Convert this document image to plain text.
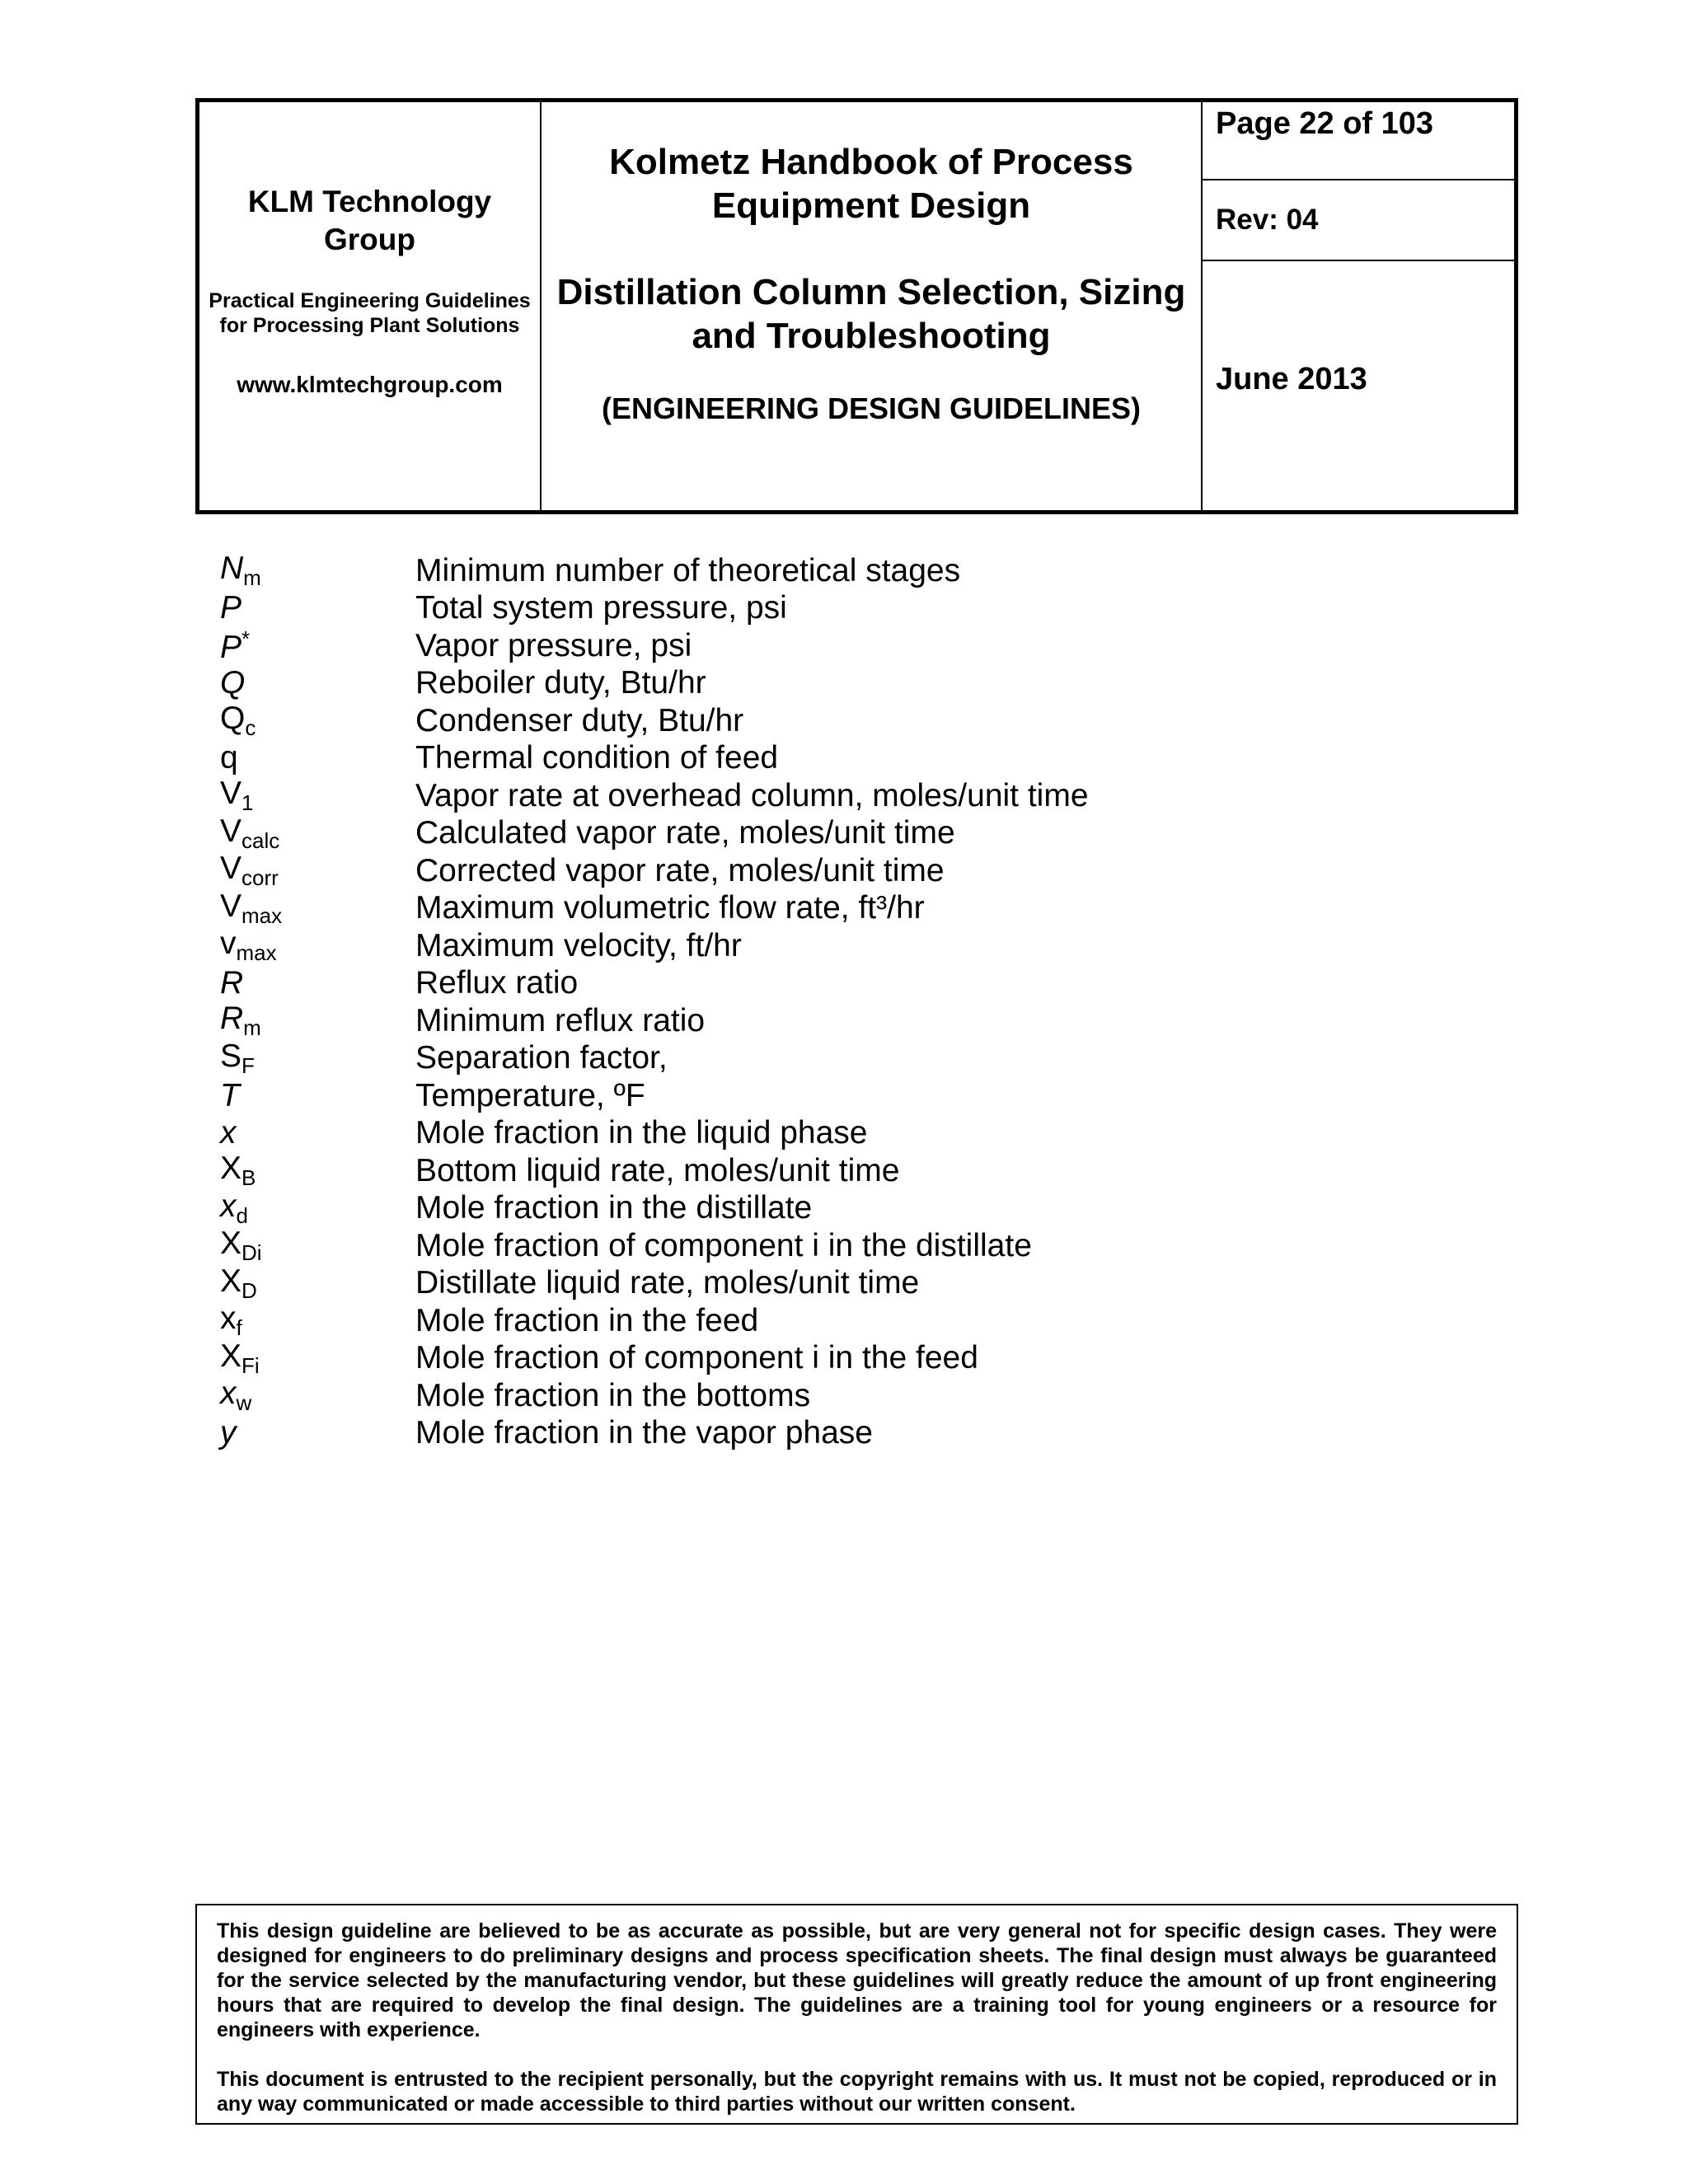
KLM Technology Group
Practical Engineering Guidelines for Processing Plant Solutions
www.klmtechgroup.com
Kolmetz Handbook of Process Equipment Design
Distillation Column Selection, Sizing and Troubleshooting
(ENGINEERING DESIGN GUIDELINES)
Page 22 of 103
Rev: 04
June 2013
$N_m$	Minimum number of theoretical stages
P	Total system pressure, psi
P*	Vapor pressure, psi
Q	Reboiler duty, Btu/hr
$Q_c$	Condenser duty, Btu/hr
q	Thermal condition of feed
$V_1$	Vapor rate at overhead column, moles/unit time
$V_{calc}$	Calculated vapor rate, moles/unit time
$V_{corr}$	Corrected vapor rate, moles/unit time
$V_{max}$	Maximum volumetric flow rate, ft³/hr
$v_{max}$	Maximum velocity, ft/hr
R	Reflux ratio
$R_m$	Minimum reflux ratio
$S_F$	Separation factor,
T	Temperature, ºF
x	Mole fraction in the liquid phase
$X_B$	Bottom liquid rate, moles/unit time
$x_d$	Mole fraction in the distillate
$X_{Di}$	Mole fraction of component i in the distillate
$X_D$	Distillate liquid rate, moles/unit time
$x_f$	Mole fraction in the feed
$X_{Fi}$	Mole fraction of component i in the feed
$x_w$	Mole fraction in the bottoms
y	Mole fraction in the vapor phase

This design guideline are believed to be as accurate as possible, but are very general not for specific design cases. They were designed for engineers to do preliminary designs and process specification sheets. The final design must always be guaranteed for the service selected by the manufacturing vendor, but these guidelines will greatly reduce the amount of up front engineering hours that are required to develop the final design. The guidelines are a training tool for young engineers or a resource for engineers with experience.

This document is entrusted to the recipient personally, but the copyright remains with us. It must not be copied, reproduced or in any way communicated or made accessible to third parties without our written consent.
